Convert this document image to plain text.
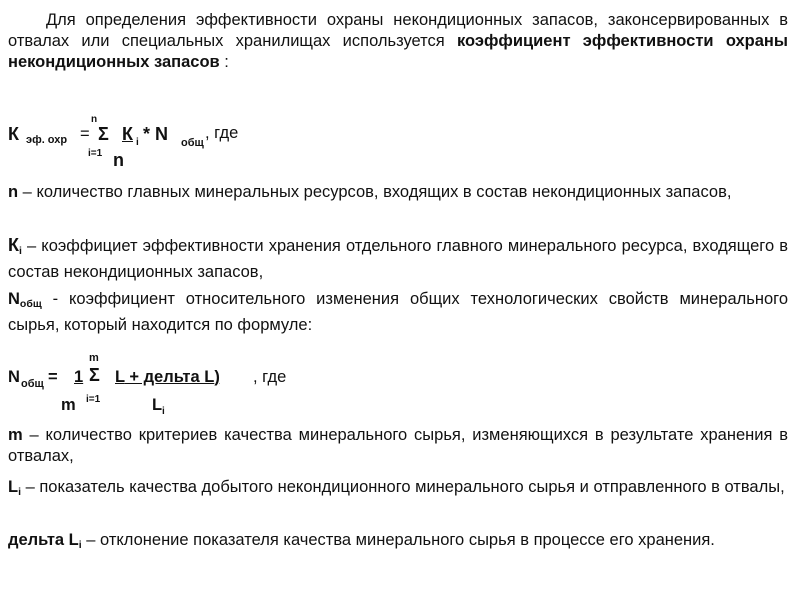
Для определения эффективности охраны некондиционных запасов, законсервированных в отвалах или специальных хранилищах используется коэффициент эффективности охраны некондиционных запасов :
n
К эф. охр = Σ К i * N общ
, где
i=1 n
n – количество главных минеральных ресурсов, входящих в состав некондиционных запасов,
$К_i$ – коэффициет эффективности хранения отдельного главного минерального ресурса, входящего в состав некондиционных запасов,
$N_{общ}$ - коэффициент относительного изменения общих технологических свойств минерального сырья, который находится по формуле:
m
N общ = 1 Σ L + дельта L) , где
m i=1	L i
m – количество критериев качества минерального сырья, изменяющихся в результате хранения в отвалах,
$L_i$ – показатель качества добытого некондиционного минерального сырья и отправленного в отвалы,
дельта $L_i$ – отклонение показателя качества минерального сырья в процессе его хранения.
